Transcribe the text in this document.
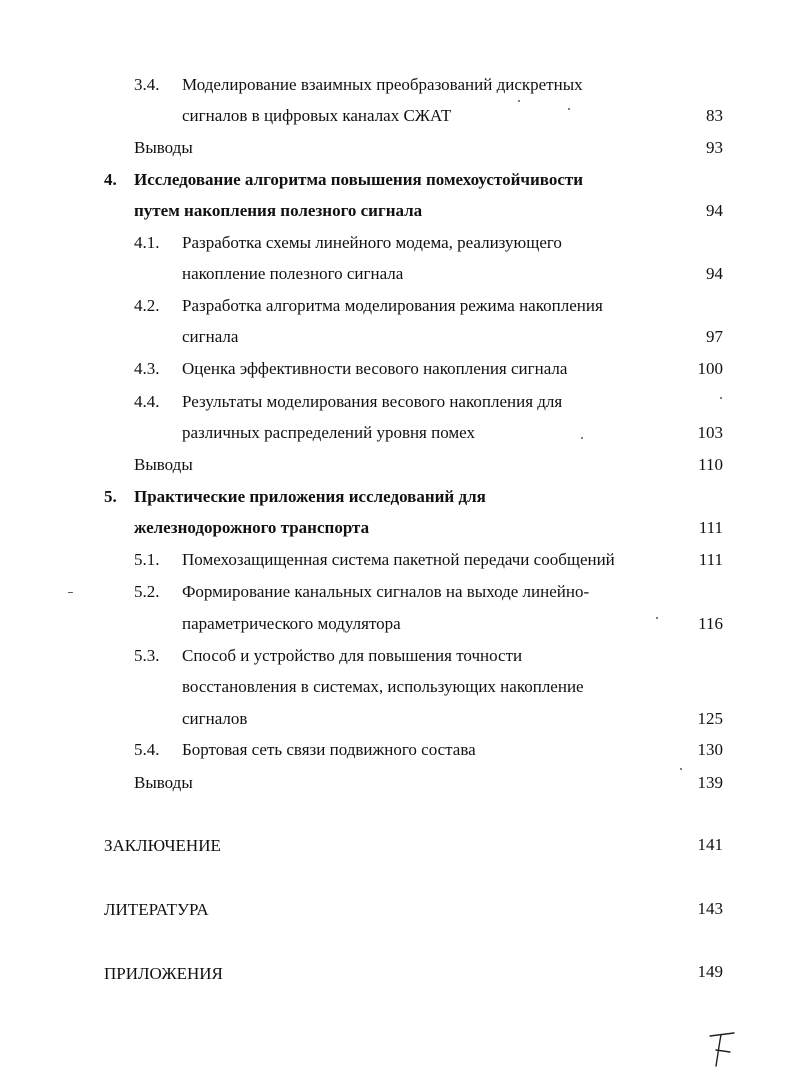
3.4. Моделирование взаимных преобразований дискретных
сигналов в цифровых каналах СЖАТ	83
Выводы	93
4. Исследование алгоритма повышения помехоустойчивости
путем накопления полезного сигнала	94
4.1. Разработка схемы линейного модема, реализующего
накопление полезного сигнала	94
4.2. Разработка алгоритма моделирования режима накопления
сигнала	97
4.3. Оценка эффективности весового накопления сигнала	100
4.4. Результаты моделирования весового накопления для
различных распределений уровня помех	103
Выводы	110
5. Практические приложения исследований для
железнодорожного транспорта	111
5.1. Помехозащищенная система пакетной передачи сообщений	111
5.2. Формирование канальных сигналов на выходе линейно-
параметрического модулятора	116
5.3. Способ и устройство для повышения точности
восстановления в системах, использующих накопление
сигналов	125
5.4. Бортовая сеть связи подвижного состава	130
Выводы	139
ЗАКЛЮЧЕНИЕ	141
ЛИТЕРАТУРА	143
ПРИЛОЖЕНИЯ	149
